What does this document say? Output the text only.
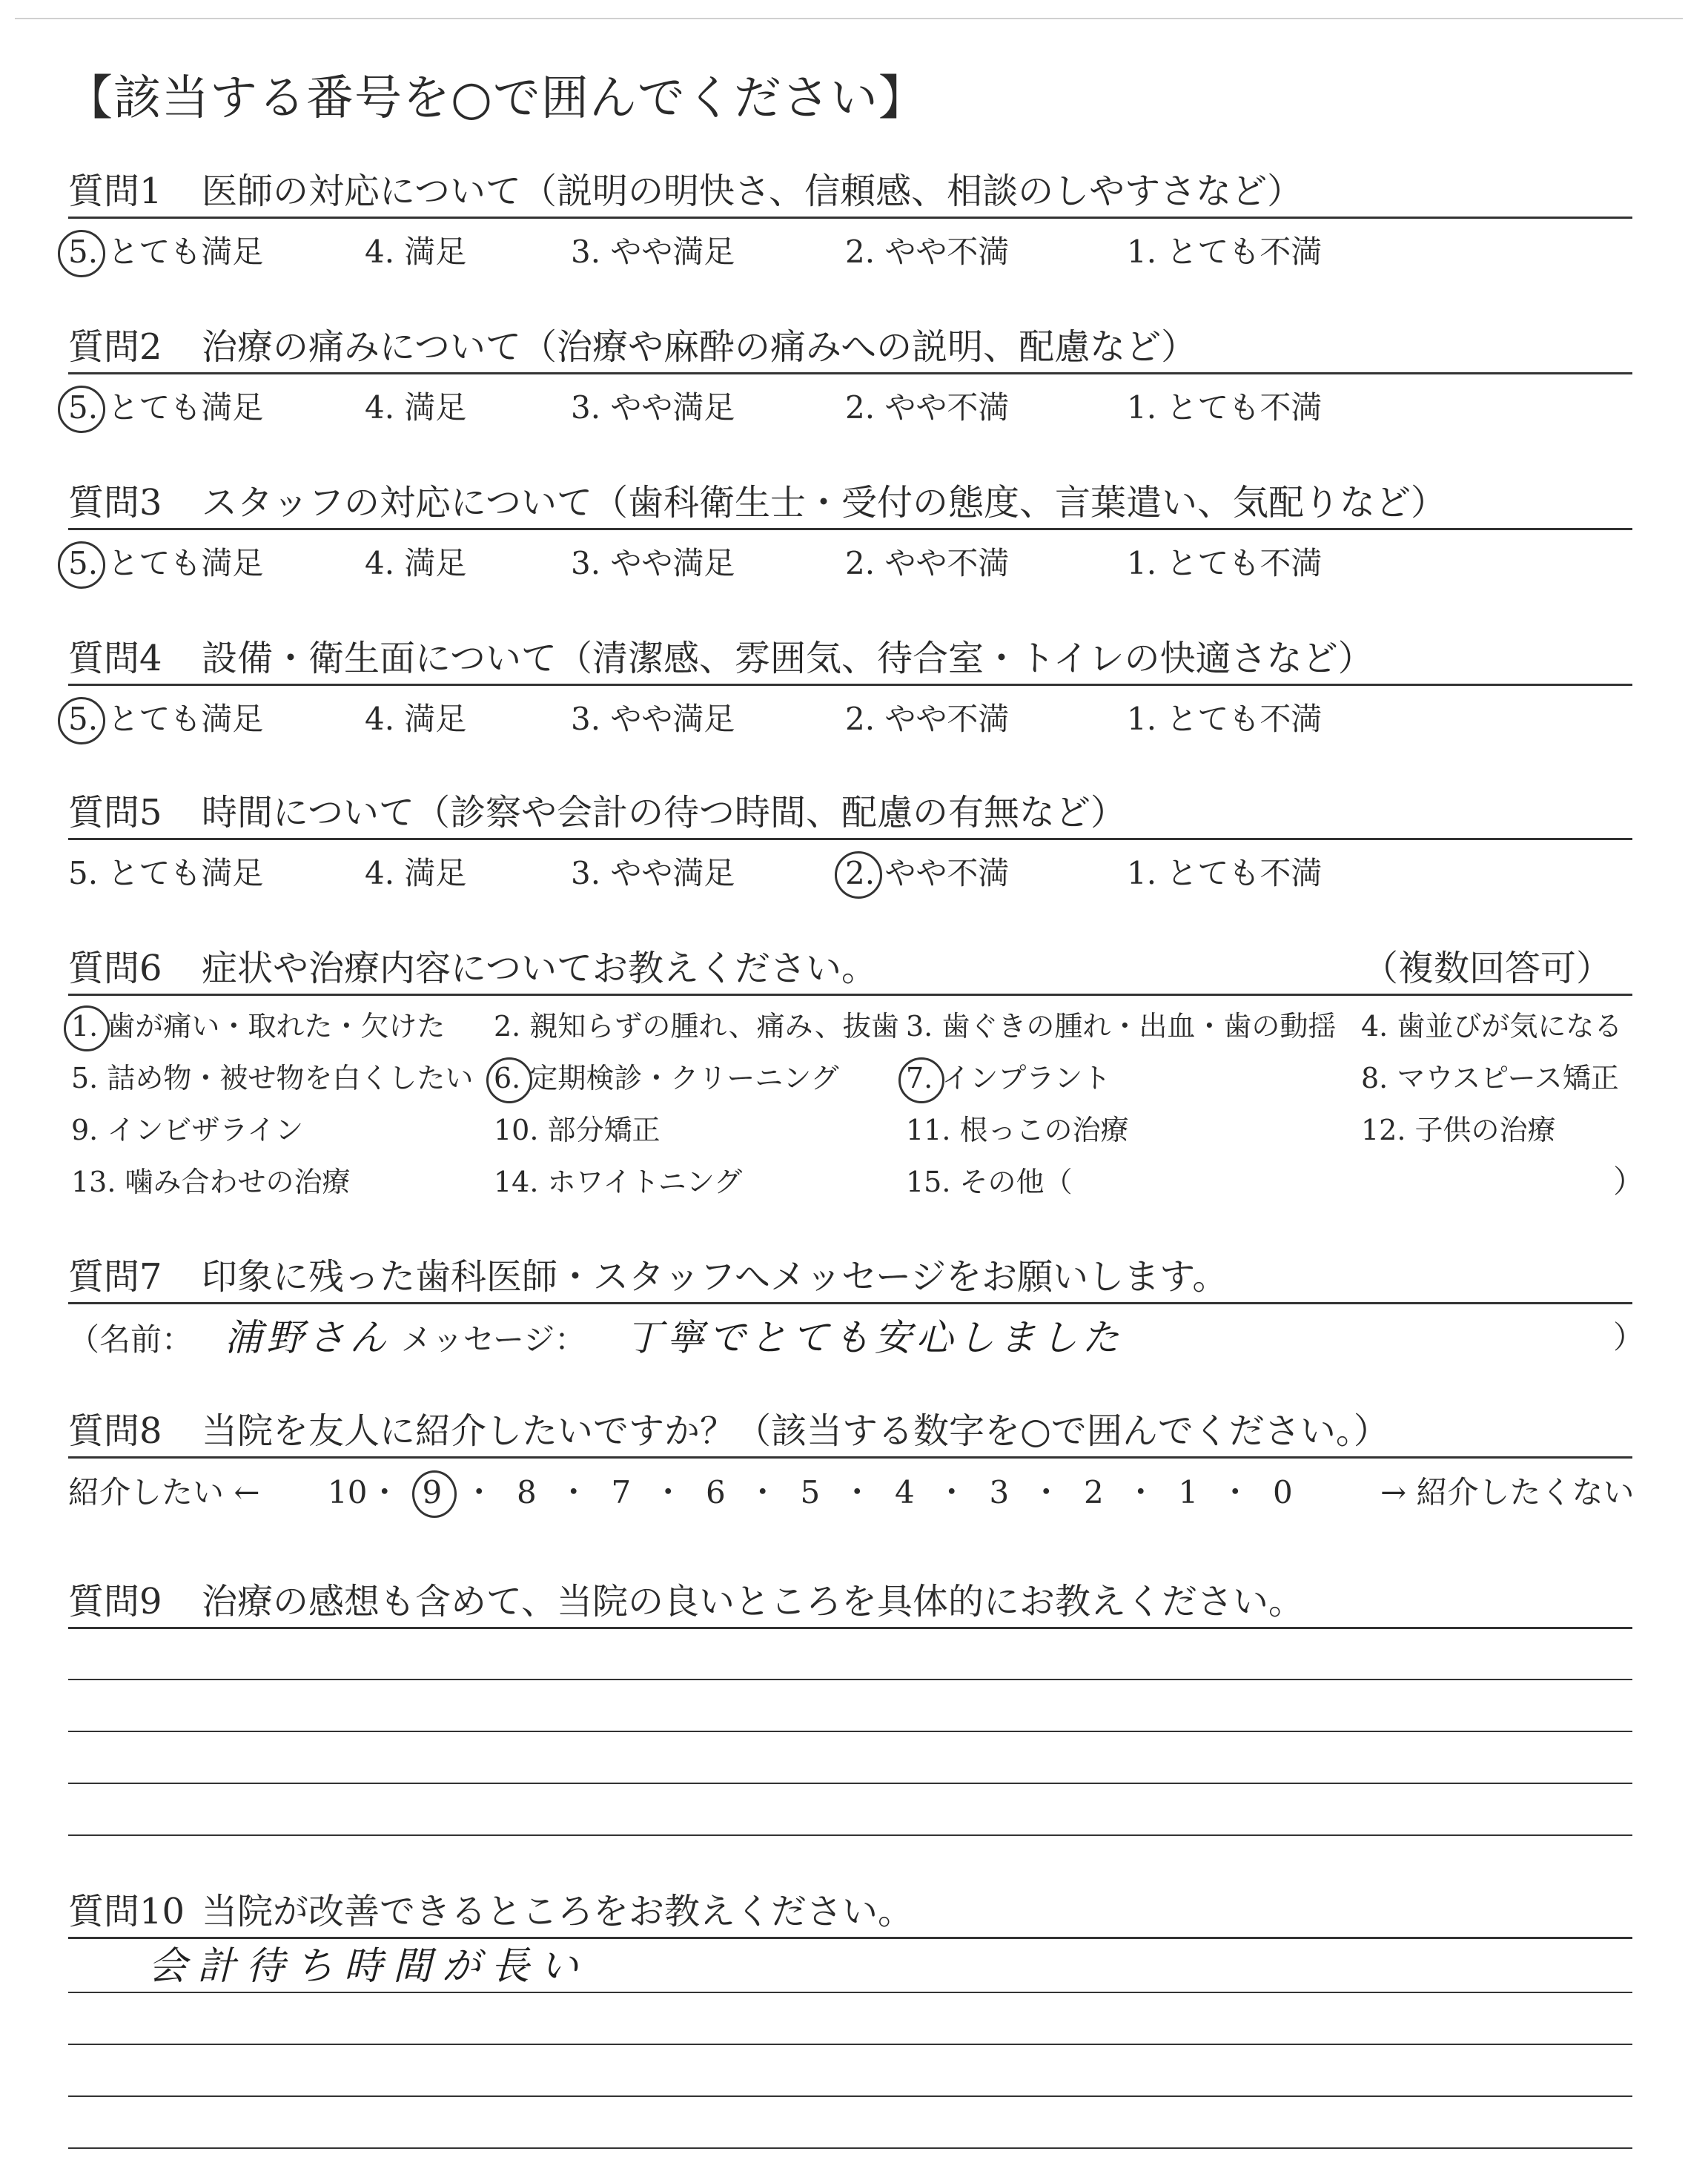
【該当する番号を○で囲んでください】
質問1 医師の対応について（説明の明快さ、信頼感、相談のしやすさなど）
5. とても満足	4. 満足	3. やや満足	2. やや不満	1. とても不満
質問2 治療の痛みについて（治療や麻酔の痛みへの説明、配慮など）
5. とても満足	4. 満足	3. やや満足	2. やや不満	1. とても不満
質問3 スタッフの対応について（歯科衛生士・受付の態度、言葉遣い、気配りなど）
5. とても満足	4. 満足	3. やや満足	2. やや不満	1. とても不満
質問4 設備・衛生面について（清潔感、雰囲気、待合室・トイレの快適さなど）
5. とても満足	4. 満足	3. やや満足	2. やや不満	1. とても不満
質問5 時間について（診察や会計の待つ時間、配慮の有無など）
5. とても満足	4. 満足	3. やや満足	2. やや不満	1. とても不満
質問6 症状や治療内容についてお教えください。	（複数回答可）
1. 歯が痛い・取れた・欠けた 2. 親知らずの腫れ、痛み、抜歯 3. 歯ぐきの腫れ・出血・歯の動揺 4. 歯並びが気になる
5. 詰め物・被せ物を白くしたい 6. 定期検診・クリーニング 7. インプラント	8. マウスピース矯正
9. インビザライン	10. 部分矯正	11. 根っこの治療	12. 子供の治療
13. 噛み合わせの治療	14. ホワイトニング	15. その他（	）
質問7 印象に残った歯科医師・スタッフへメッセージをお願いします。
（名前： 浦野さん メッセージ： 丁寧でとても安心しました	）
質問8 当院を友人に紹介したいですか？（該当する数字を○で囲んでください。）
紹介したい ←	→ 紹介したくない
10 ・ 9 ・ 8 ・ 7 ・ 6 ・ 5 ・ 4 ・ 3 ・ 2 ・ 1 ・ 0
質問9 治療の感想も含めて、当院の良いところを具体的にお教えください。
質問10 当院が改善できるところをお教えください。
会計待ち時間が長い
